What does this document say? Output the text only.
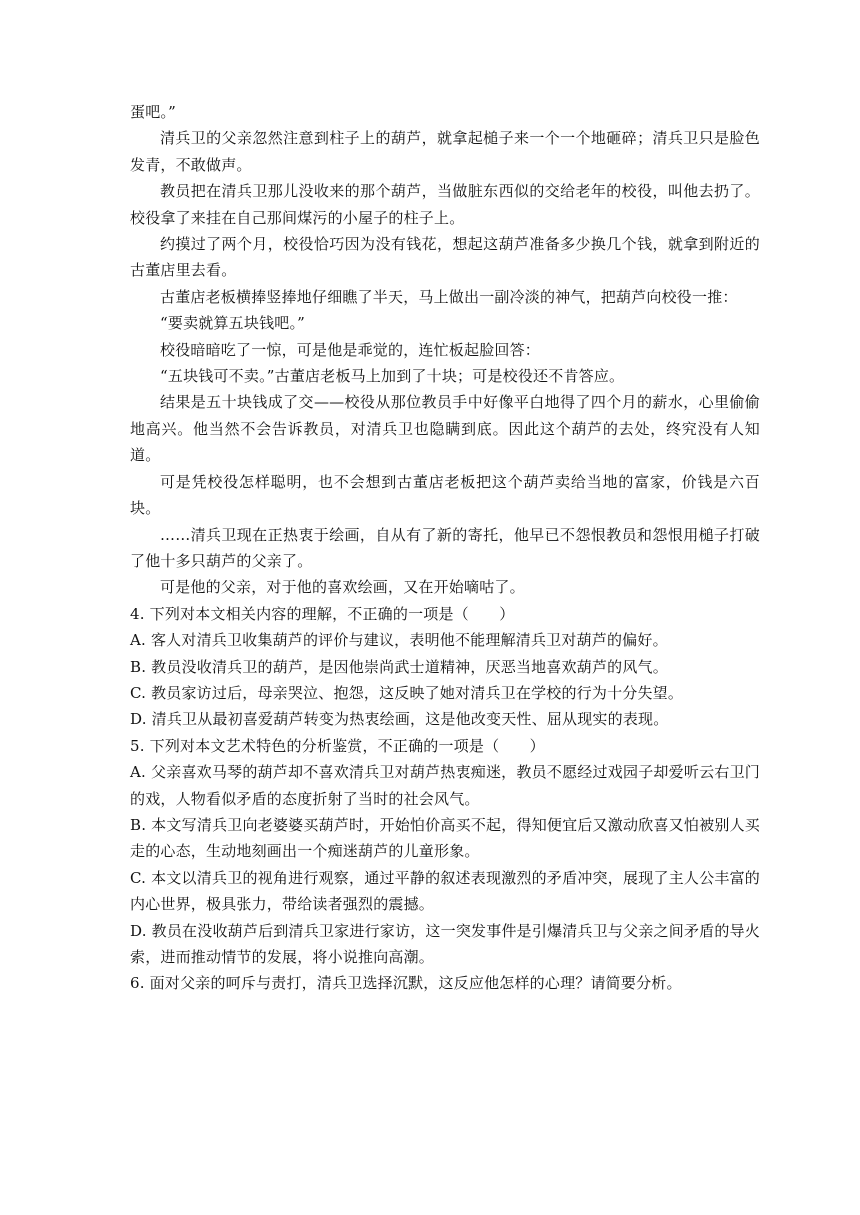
蛋吧。”

清兵卫的父亲忽然注意到柱子上的葫芦，就拿起槌子来一个一个地砸碎；清兵卫只是脸色发青，不敢做声。

教员把在清兵卫那儿没收来的那个葫芦，当做脏东西似的交给老年的校役，叫他去扔了。校役拿了来挂在自己那间煤污的小屋子的柱子上。

约摸过了两个月，校役恰巧因为没有钱花，想起这葫芦准备多少换几个钱，就拿到附近的古董店里去看。

古董店老板横捧竖捧地仔细瞧了半天，马上做出一副冷淡的神气，把葫芦向校役一推：

“要卖就算五块钱吧。”

校役暗暗吃了一惊，可是他是乖觉的，连忙板起脸回答：

“五块钱可不卖。”古董店老板马上加到了十块；可是校役还不肯答应。

结果是五十块钱成了交——校役从那位教员手中好像平白地得了四个月的薪水，心里偷偷地高兴。他当然不会告诉教员，对清兵卫也隐瞒到底。因此这个葫芦的去处，终究没有人知道。

可是凭校役怎样聪明，也不会想到古董店老板把这个葫芦卖给当地的富家，价钱是六百块。

……清兵卫现在正热衷于绘画，自从有了新的寄托，他早已不怨恨教员和怨恨用槌子打破了他十多只葫芦的父亲了。

可是他的父亲，对于他的喜欢绘画，又在开始嘀咕了。

4. 下列对本文相关内容的理解，不正确的一项是（　　）

A. 客人对清兵卫收集葫芦的评价与建议，表明他不能理解清兵卫对葫芦的偏好。

B. 教员没收清兵卫的葫芦，是因他崇尚武士道精神，厌恶当地喜欢葫芦的风气。

C. 教员家访过后，母亲哭泣、抱怨，这反映了她对清兵卫在学校的行为十分失望。

D. 清兵卫从最初喜爱葫芦转变为热衷绘画，这是他改变天性、屈从现实的表现。

5. 下列对本文艺术特色的分析鉴赏，不正确的一项是（　　）

A. 父亲喜欢马琴的葫芦却不喜欢清兵卫对葫芦热衷痴迷，教员不愿经过戏园子却爱听云右卫门的戏，人物看似矛盾的态度折射了当时的社会风气。

B. 本文写清兵卫向老婆婆买葫芦时，开始怕价高买不起，得知便宜后又激动欣喜又怕被别人买走的心态，生动地刻画出一个痴迷葫芦的儿童形象。

C. 本文以清兵卫的视角进行观察，通过平静的叙述表现激烈的矛盾冲突，展现了主人公丰富的内心世界，极具张力，带给读者强烈的震撼。

D. 教员在没收葫芦后到清兵卫家进行家访，这一突发事件是引爆清兵卫与父亲之间矛盾的导火索，进而推动情节的发展，将小说推向高潮。

6. 面对父亲的呵斥与责打，清兵卫选择沉默，这反应他怎样的心理？请简要分析。
